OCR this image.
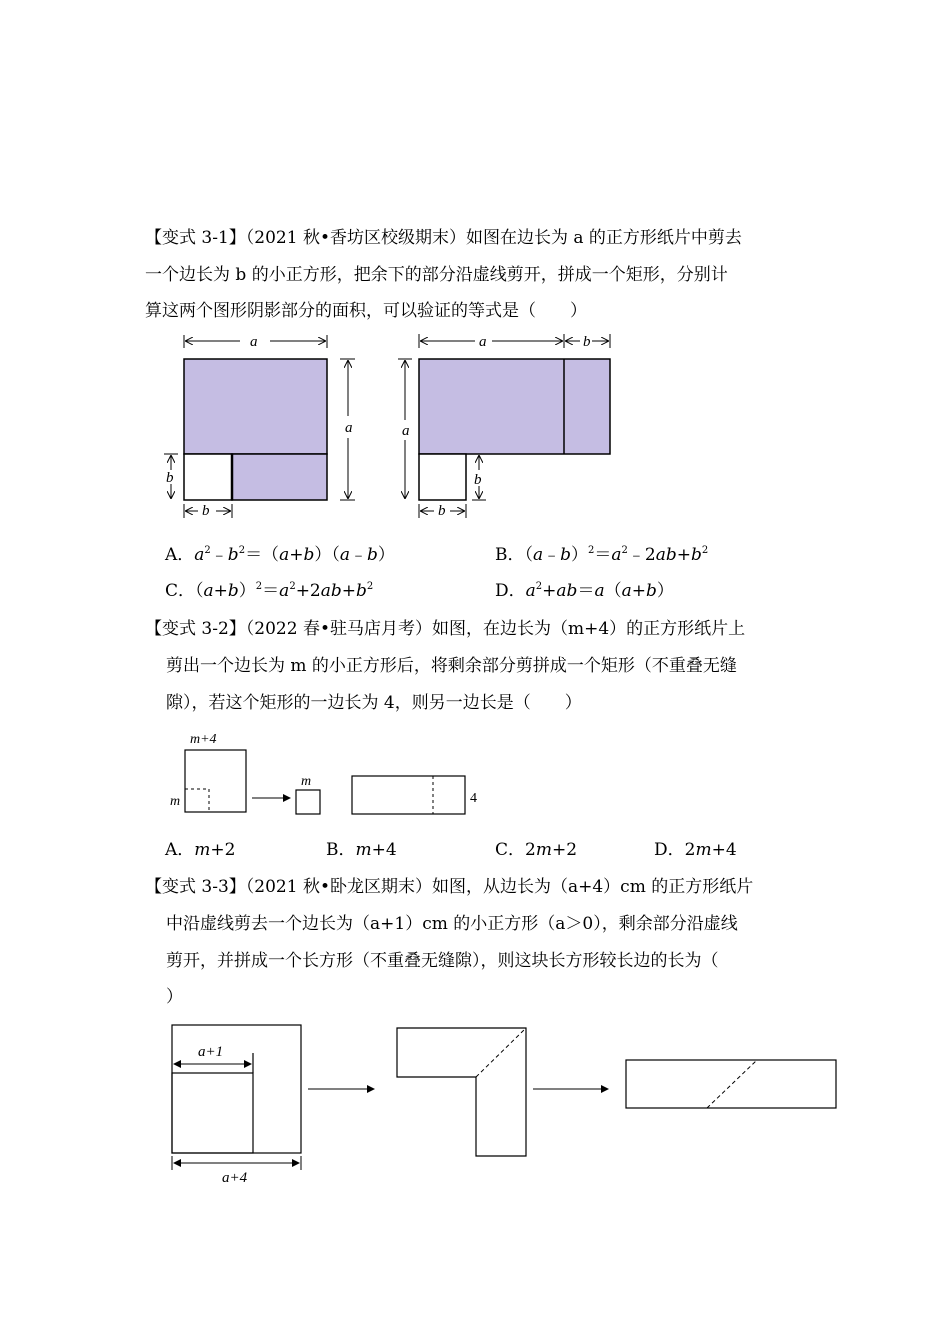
【变式 3-1】（2021 秋•香坊区校级期末）如图在边长为 a 的正方形纸片中剪去
一个边长为 b 的小正方形，把余下的部分沿虚线剪开，拼成一个矩形，分别计
算这两个图形阴影部分的面积，可以验证的等式是（　　）
a
a
b
b
a	b
a
b
b
A．$a^2﹣b^2=(a+b)(a﹣b)$	B．$(a﹣b)^2=a^2﹣2ab+b^2$
C．$(a+b)^2=a^2+2ab+b^2$	D．$a^2+ab=a(a+b)$
【变式 3-2】（2022 春•驻马店月考）如图，在边长为（m+4）的正方形纸片上
剪出一个边长为 m 的小正方形后，将剩余部分剪拼成一个矩形（不重叠无缝
隙），若这个矩形的一边长为 4，则另一边长是（　　）
m+4
m
m
4
A．m+2	B．m+4	C．2m+2	D．2m+4
【变式 3-3】（2021 秋•卧龙区期末）如图，从边长为（a+4）cm 的正方形纸片
中沿虚线剪去一个边长为（a+1）cm 的小正方形（a＞0），剩余部分沿虚线
剪开，并拼成一个长方形（不重叠无缝隙），则这块长方形较长边的长为（
）
a+1
a+4
